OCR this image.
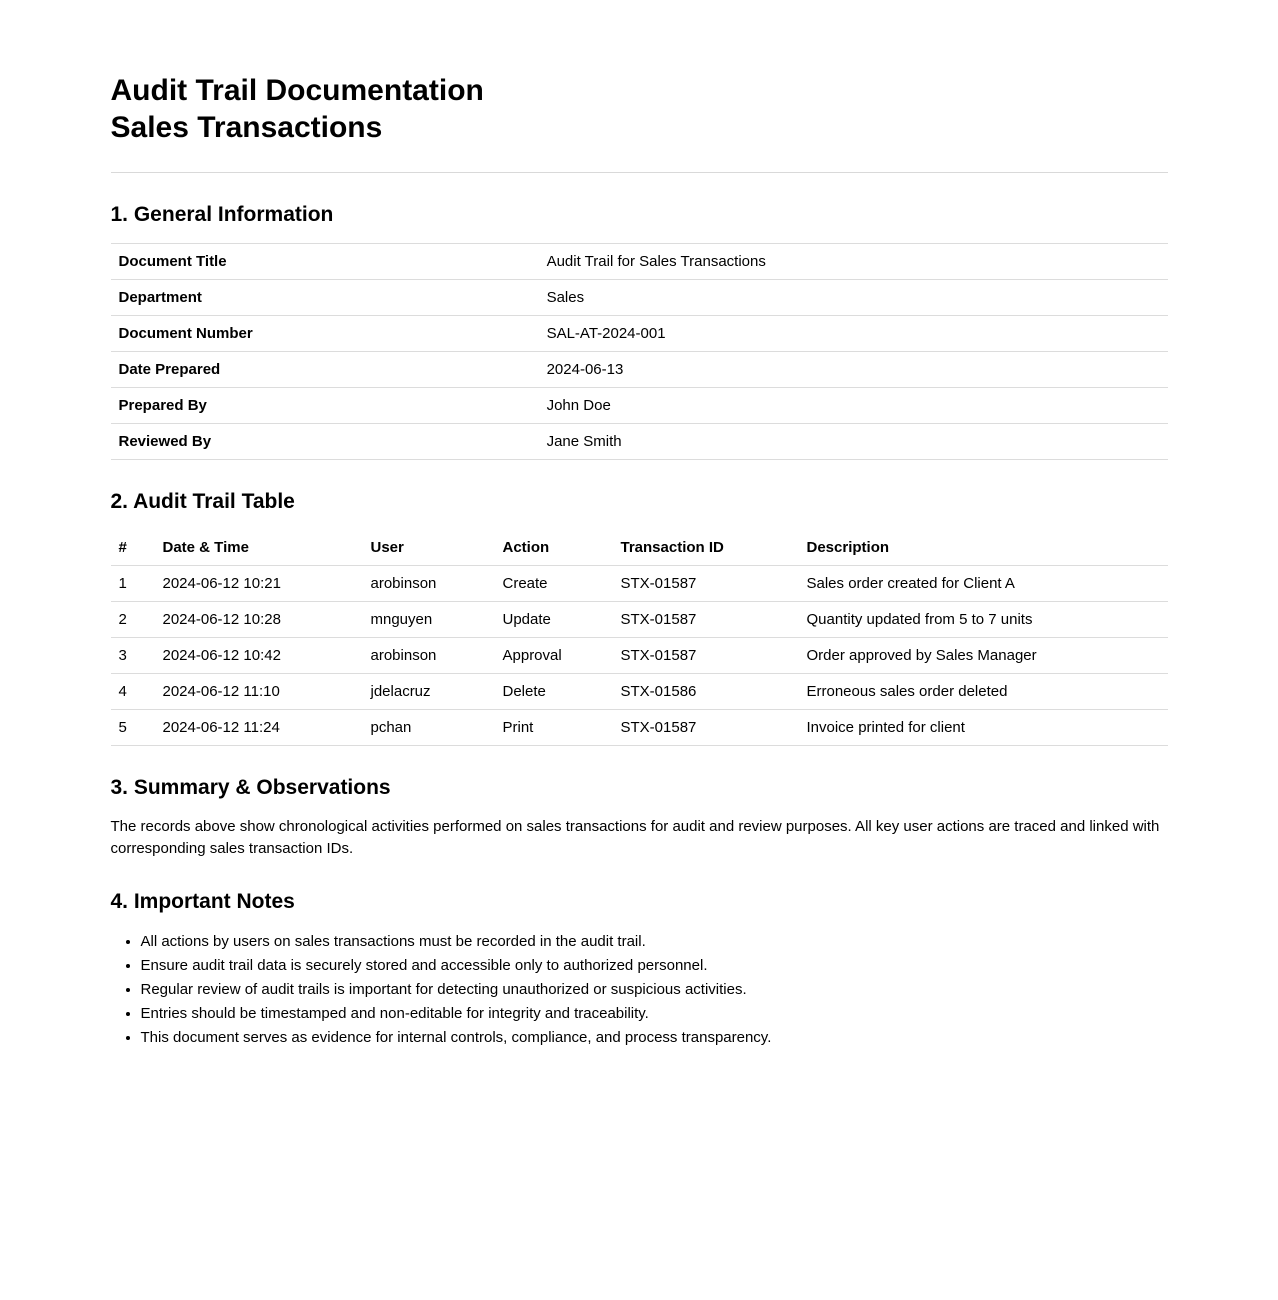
Audit Trail Documentation
Sales Transactions
1. General Information
Document Title	Audit Trail for Sales Transactions
Department	Sales
Document Number	SAL-AT-2024-001
Date Prepared	2024-06-13
Prepared By	John Doe
Reviewed By	Jane Smith
2. Audit Trail Table
#	Date & Time	User	Action	Transaction ID	Description
1	2024-06-12 10:21	arobinson	Create	STX-01587	Sales order created for Client A
2	2024-06-12 10:28	mnguyen	Update	STX-01587	Quantity updated from 5 to 7 units
3	2024-06-12 10:42	arobinson	Approval	STX-01587	Order approved by Sales Manager
4	2024-06-12 11:10	jdelacruz	Delete	STX-01586	Erroneous sales order deleted
5	2024-06-12 11:24	pchan	Print	STX-01587	Invoice printed for client
3. Summary & Observations

The records above show chronological activities performed on sales transactions for audit and review purposes. All key user actions are traced and linked with corresponding sales transaction IDs.

4. Important Notes
• All actions by users on sales transactions must be recorded in the audit trail.
• Ensure audit trail data is securely stored and accessible only to authorized personnel.
• Regular review of audit trails is important for detecting unauthorized or suspicious activities.
• Entries should be timestamped and non-editable for integrity and traceability.
• This document serves as evidence for internal controls, compliance, and process transparency.
